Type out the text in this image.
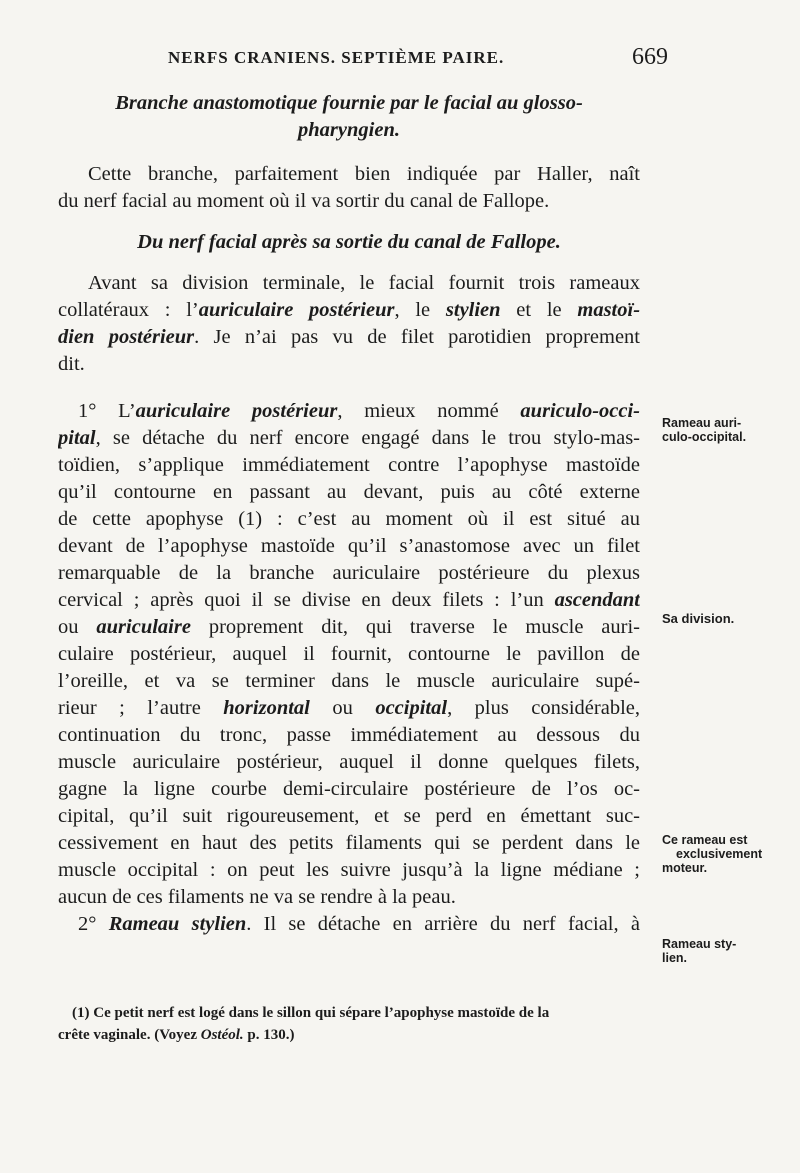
NERFS CRANIENS. SEPTIÈME PAIRE.	669
Branche anastomotique fournie par le facial au glosso-
pharyngien.
Cette branche, parfaitement bien indiquée par Haller, naît
du nerf facial au moment où il va sortir du canal de Fallope.
Du nerf facial après sa sortie du canal de Fallope.
Avant sa division terminale, le facial fournit trois rameaux
collatéraux : l’auriculaire postérieur, le stylien et le mastoï-
dien postérieur. Je n’ai pas vu de filet parotidien proprement
dit.
1° L’auriculaire postérieur, mieux nommé auriculo-occi-
pital, se détache du nerf encore engagé dans le trou stylo-mas-
toïdien, s’applique immédiatement contre l’apophyse mastoïde
qu’il contourne en passant au devant, puis au côté externe
de cette apophyse (1) : c’est au moment où il est situé au
devant de l’apophyse mastoïde qu’il s’anastomose avec un filet
remarquable de la branche auriculaire postérieure du plexus
cervical ; après quoi il se divise en deux filets : l’un ascendant
ou auriculaire proprement dit, qui traverse le muscle auri-
culaire postérieur, auquel il fournit, contourne le pavillon de
l’oreille, et va se terminer dans le muscle auriculaire supé-
rieur ; l’autre horizontal ou occipital, plus considérable,
continuation du tronc, passe immédiatement au dessous du
muscle auriculaire postérieur, auquel il donne quelques filets,
gagne la ligne courbe demi-circulaire postérieure de l’os oc-
cipital, qu’il suit rigoureusement, et se perd en émettant suc-
cessivement en haut des petits filaments qui se perdent dans le
muscle occipital : on peut les suivre jusqu’à la ligne médiane ;
aucun de ces filaments ne va se rendre à la peau.
2° Rameau stylien. Il se détache en arrière du nerf facial, à
Rameau auri-
culo-occipital.
Sa division.
Ce rameau est
exclusivement
moteur.
Rameau sty-
lien.
(1) Ce petit nerf est logé dans le sillon qui sépare l’apophyse mastoïde de la
crête vaginale. (Voyez Ostéol. p. 130.)
